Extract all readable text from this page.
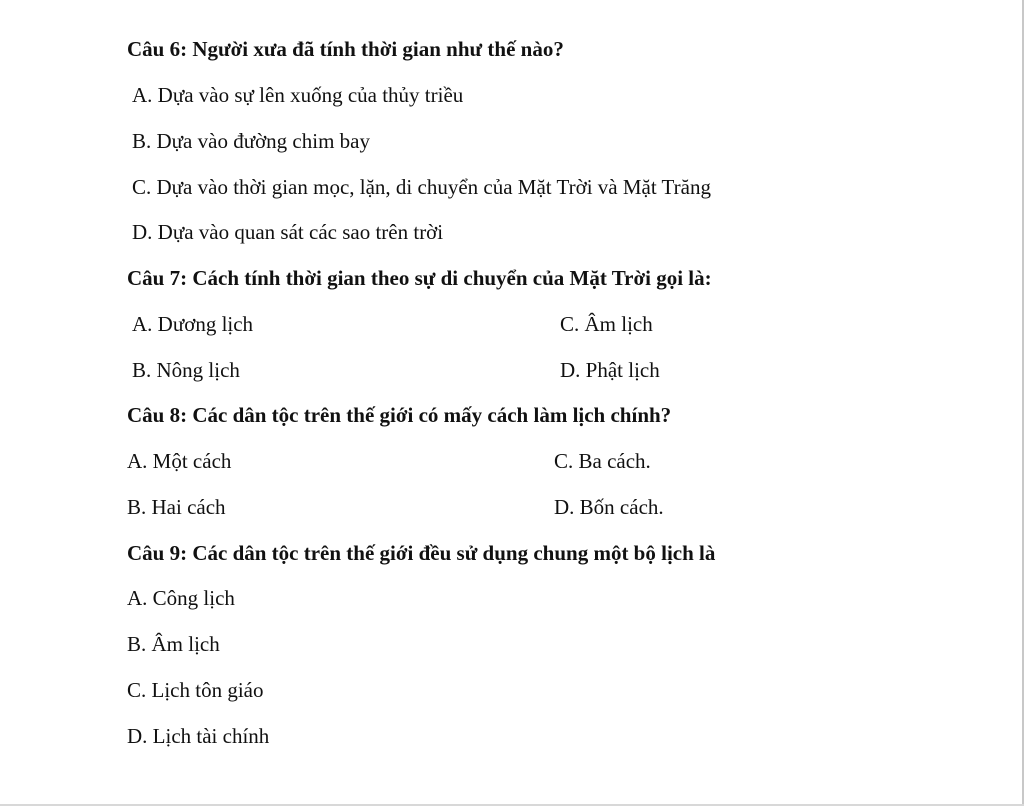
Câu 6: Người xưa đã tính thời gian như thế nào?
A. Dựa vào sự lên xuống của thủy triều
B. Dựa vào đường chim bay
C. Dựa vào thời gian mọc, lặn, di chuyển của Mặt Trời và Mặt Trăng
D. Dựa vào quan sát các sao trên trời
Câu 7: Cách tính thời gian theo sự di chuyển của Mặt Trời gọi là:
A. Dương lịch	C. Âm lịch
B. Nông lịch	D. Phật lịch
Câu 8: Các dân tộc trên thế giới có mấy cách làm lịch chính?
A. Một cách	C. Ba cách.
B. Hai cách	D. Bốn cách.
Câu 9: Các dân tộc trên thế giới đều sử dụng chung một bộ lịch là
A. Công lịch
B. Âm lịch
C. Lịch tôn giáo
D. Lịch tài chính
